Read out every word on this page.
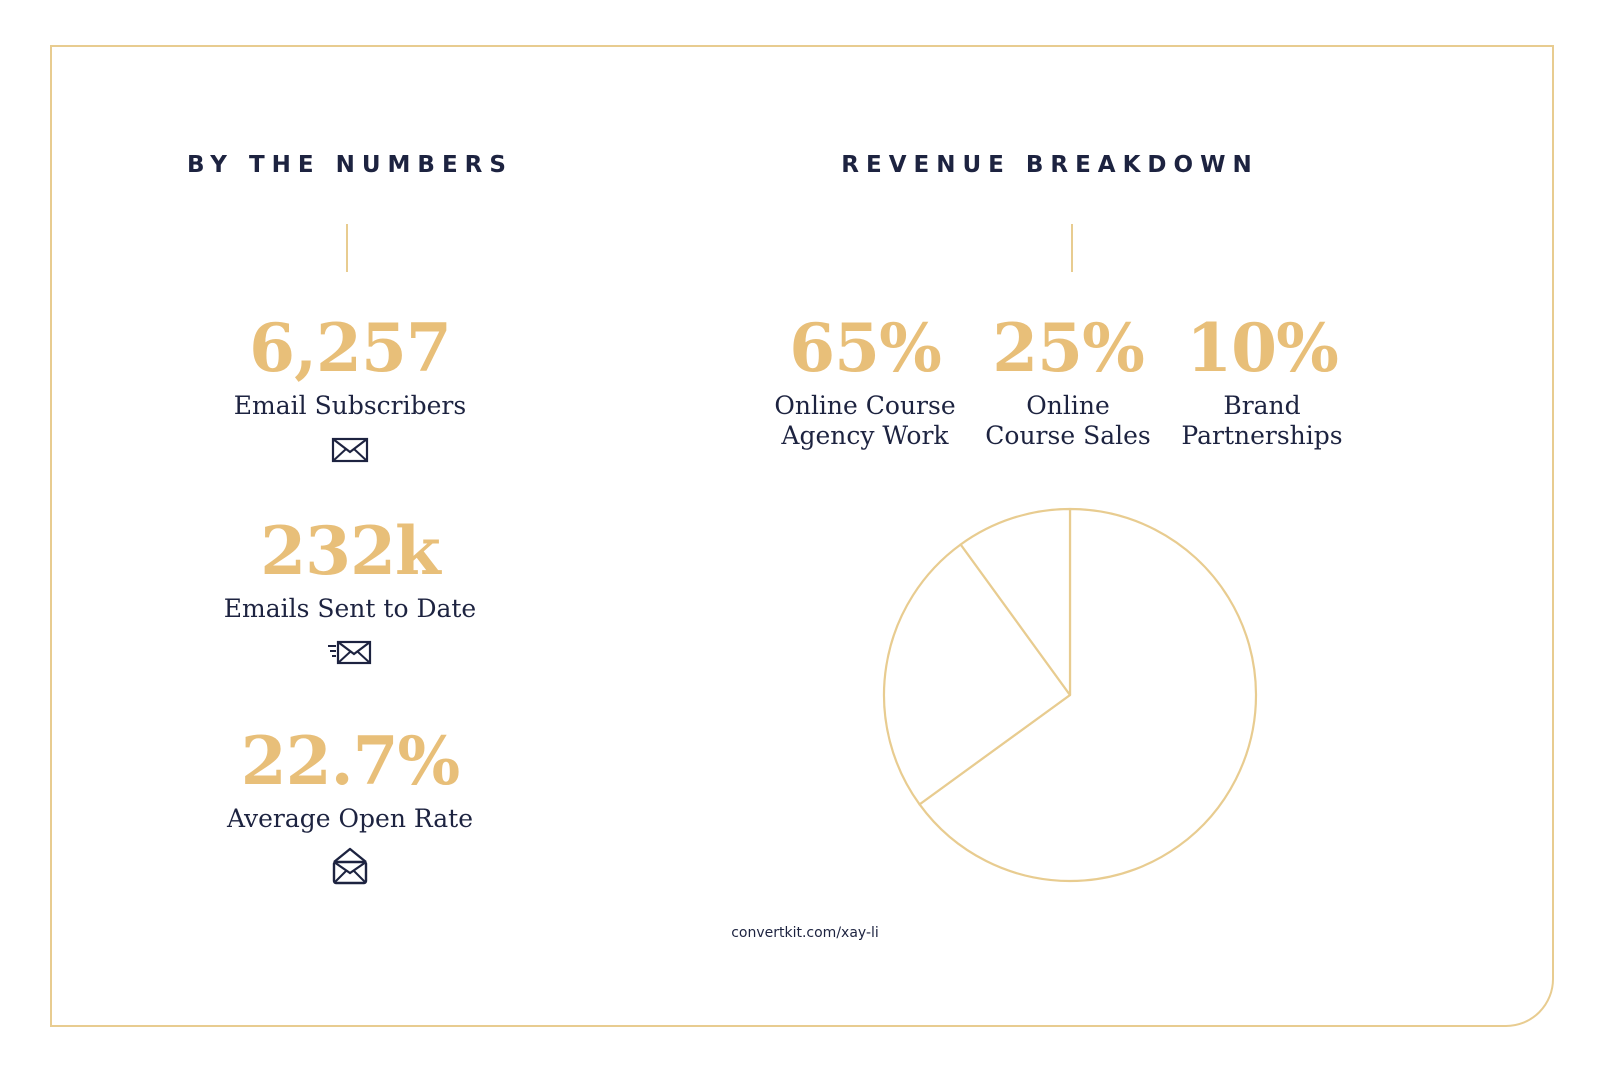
BY THE NUMBERS	REVENUE BREAKDOWN
6,257
Email Subscribers
232k
Emails Sent to Date
22.7%
Average Open Rate
65%
Online Course
Agency Work
25%
Online
Course Sales
10%
Brand
Partnerships
convertkit.com/xay-li
